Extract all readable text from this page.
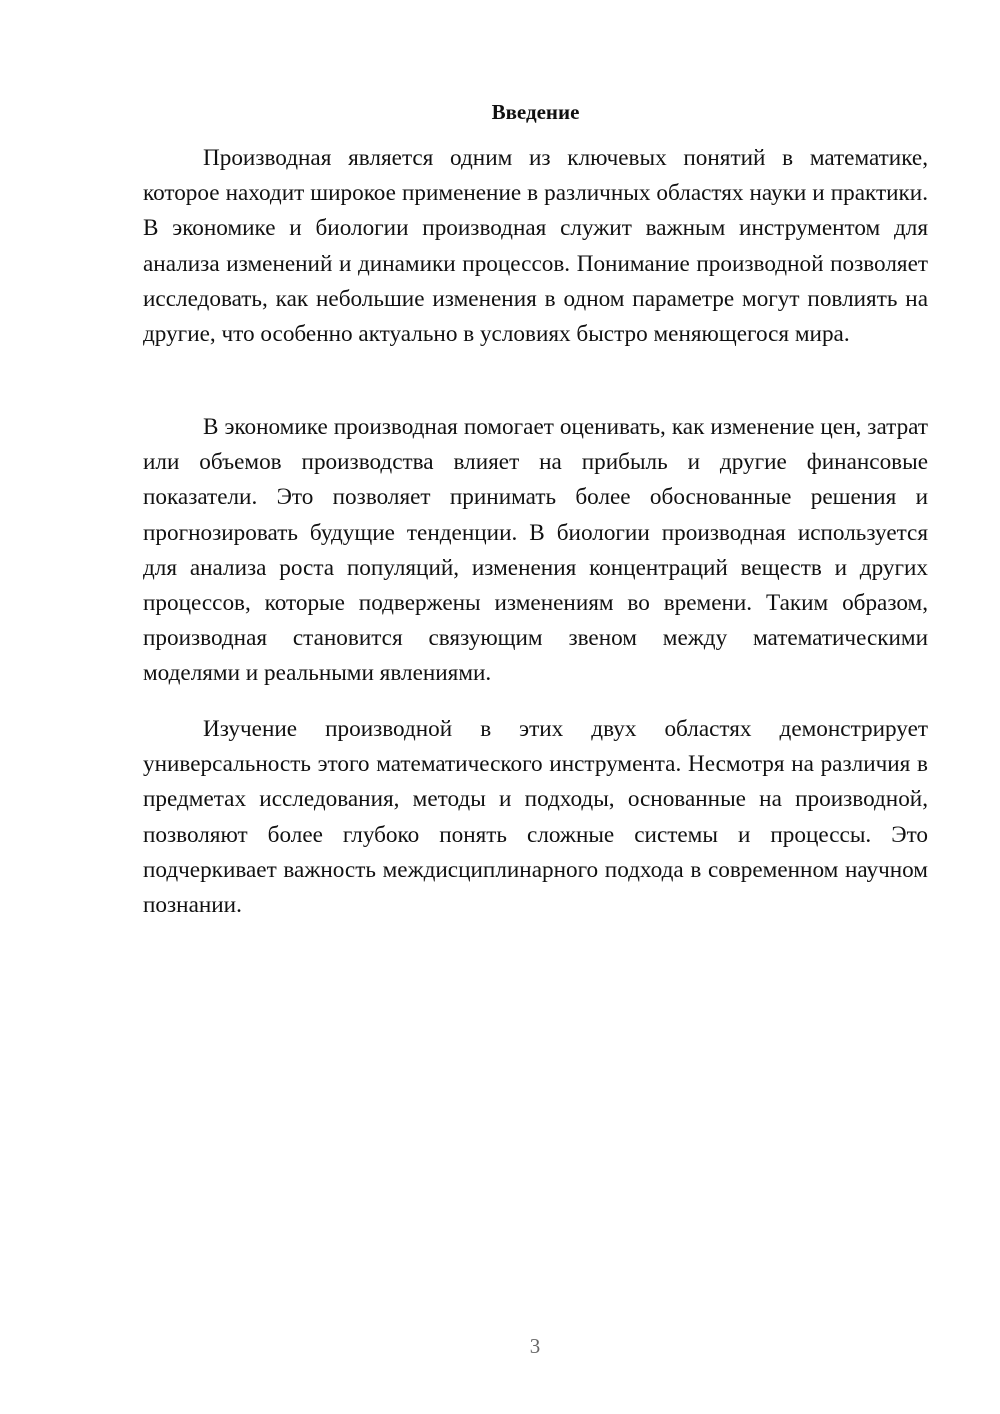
Введение

Производная является одним из ключевых понятий в математике, которое находит широкое применение в различных областях науки и практики. В экономике и биологии производная служит важным инструментом для анализа изменений и динамики процессов. Понимание производной позволяет исследовать, как небольшие изменения в одном параметре могут повлиять на другие, что особенно актуально в условиях быстро меняющегося мира.

В экономике производная помогает оценивать, как изменение цен, затрат или объемов производства влияет на прибыль и другие финансовые показатели. Это позволяет принимать более обоснованные решения и прогнозировать будущие тенденции. В биологии производная используется для анализа роста популяций, изменения концентраций веществ и других процессов, которые подвержены изменениям во времени. Таким образом, производная становится связующим звеном между математическими моделями и реальными явлениями.

Изучение производной в этих двух областях демонстрирует универсальность этого математического инструмента. Несмотря на различия в предметах исследования, методы и подходы, основанные на производной, позволяют более глубоко понять сложные системы и процессы. Это подчеркивает важность междисциплинарного подхода в современном научном познании.

3
